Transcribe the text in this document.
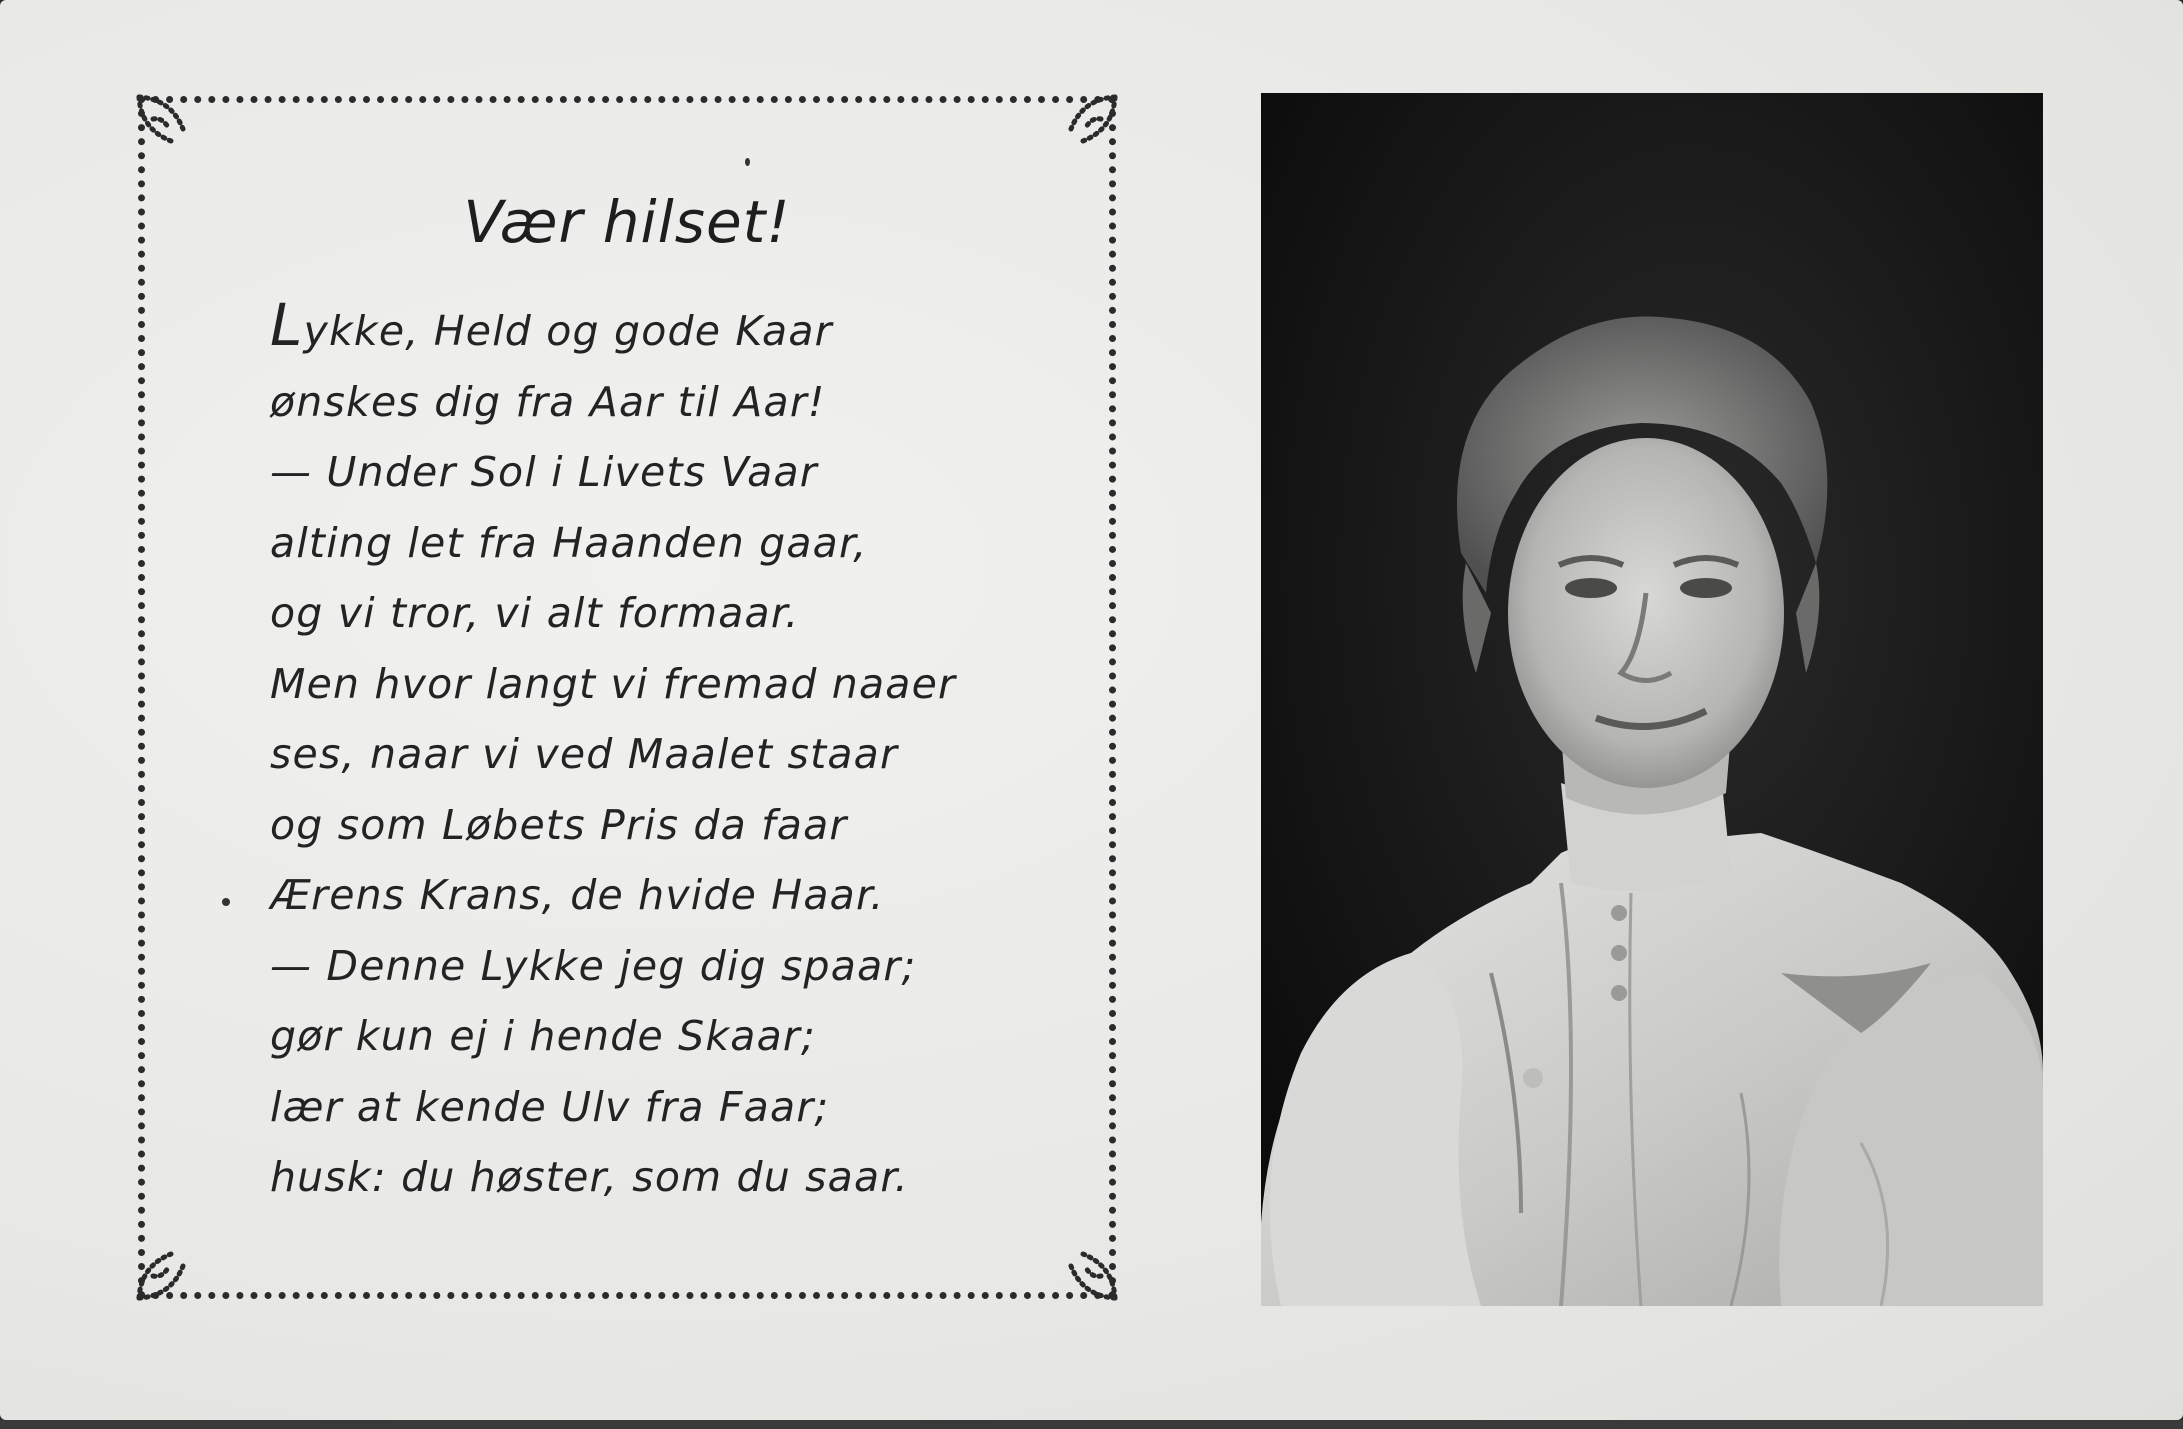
Vær hilset!
Lykke, Held og gode Kaar
ønskes dig fra Aar til Aar!
— Under Sol i Livets Vaar
alting let fra Haanden gaar,
og vi tror, vi alt formaar.
Men hvor langt vi fremad naaer
ses, naar vi ved Maalet staar
og som Løbets Pris da faar
Ærens Krans, de hvide Haar.
— Denne Lykke jeg dig spaar;
gør kun ej i hende Skaar;
lær at kende Ulv fra Faar;
husk: du høster, som du saar.
